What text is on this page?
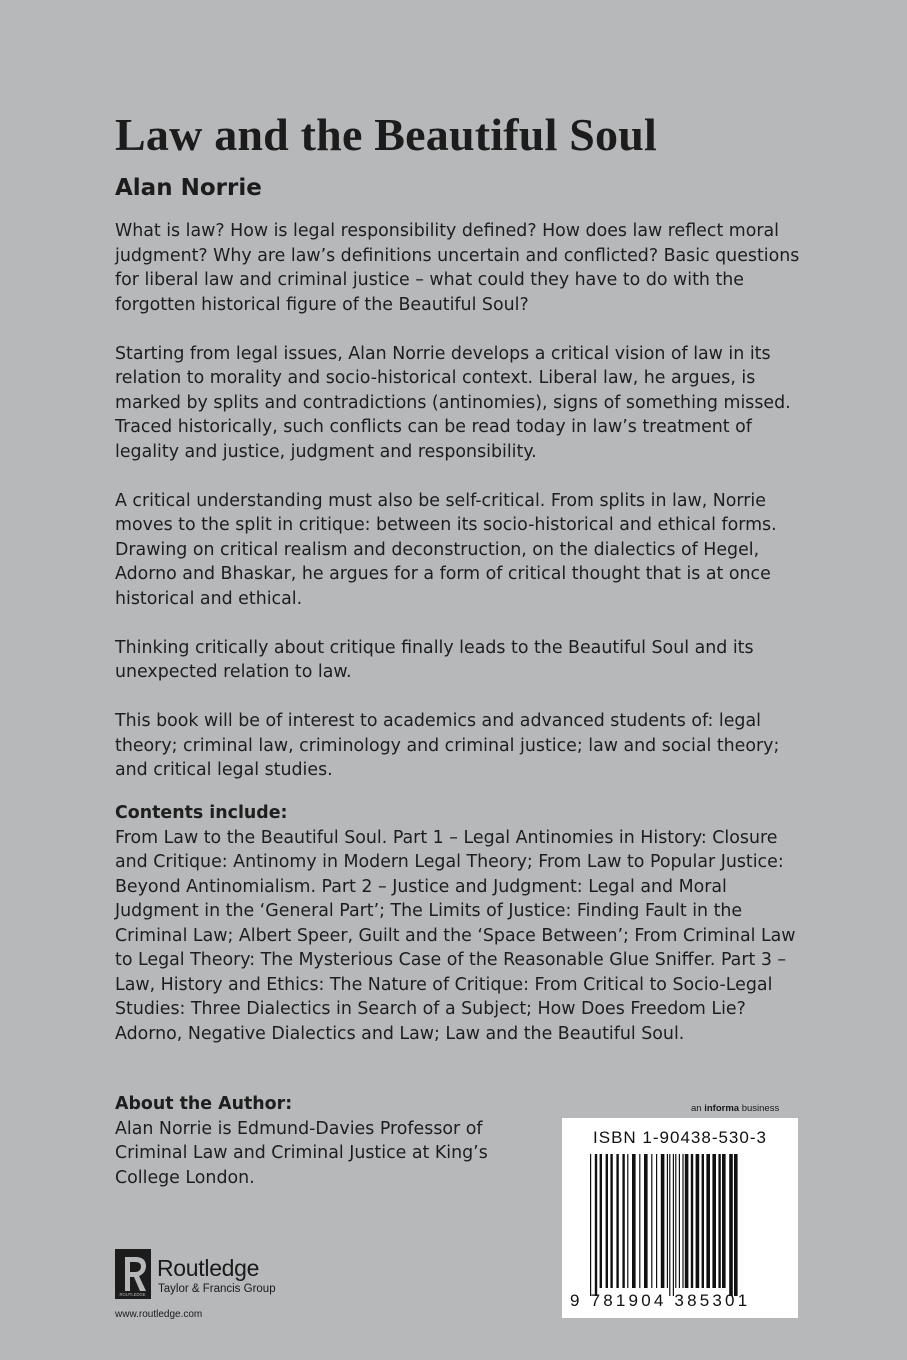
Law and the Beautiful Soul
Alan Norrie

What is law? How is legal responsibility defined? How does law reflect moral judgment? Why are law’s definitions uncertain and conflicted? Basic questions for liberal law and criminal justice – what could they have to do with the forgotten historical figure of the Beautiful Soul?

Starting from legal issues, Alan Norrie develops a critical vision of law in its relation to morality and socio-historical context. Liberal law, he argues, is marked by splits and contradictions (antinomies), signs of something missed. Traced historically, such conflicts can be read today in law’s treatment of legality and justice, judgment and responsibility.

A critical understanding must also be self-critical. From splits in law, Norrie moves to the split in critique: between its socio-historical and ethical forms. Drawing on critical realism and deconstruction, on the dialectics of Hegel, Adorno and Bhaskar, he argues for a form of critical thought that is at once historical and ethical.

Thinking critically about critique finally leads to the Beautiful Soul and its unexpected relation to law.

This book will be of interest to academics and advanced students of: legal theory; criminal law, criminology and criminal justice; law and social theory; and critical legal studies.

Contents include:
From Law to the Beautiful Soul. Part 1 – Legal Antinomies in History: Closure and Critique: Antinomy in Modern Legal Theory; From Law to Popular Justice: Beyond Antinomialism. Part 2 – Justice and Judgment: Legal and Moral Judgment in the ‘General Part’; The Limits of Justice: Finding Fault in the Criminal Law; Albert Speer, Guilt and the ‘Space Between’; From Criminal Law to Legal Theory: The Mysterious Case of the Reasonable Glue Sniffer. Part 3 – Law, History and Ethics: The Nature of Critique: From Critical to Socio-Legal Studies: Three Dialectics in Search of a Subject; How Does Freedom Lie? Adorno, Negative Dialectics and Law; Law and the Beautiful Soul.
About the Author:
Alan Norrie is Edmund-Davies Professor of Criminal Law and Criminal Justice at King’s College London.
an informa business
ISBN 1-90438-530-3
9 781904 385301
ROUTLEDGE
Routledge
Taylor & Francis Group
www.routledge.com
